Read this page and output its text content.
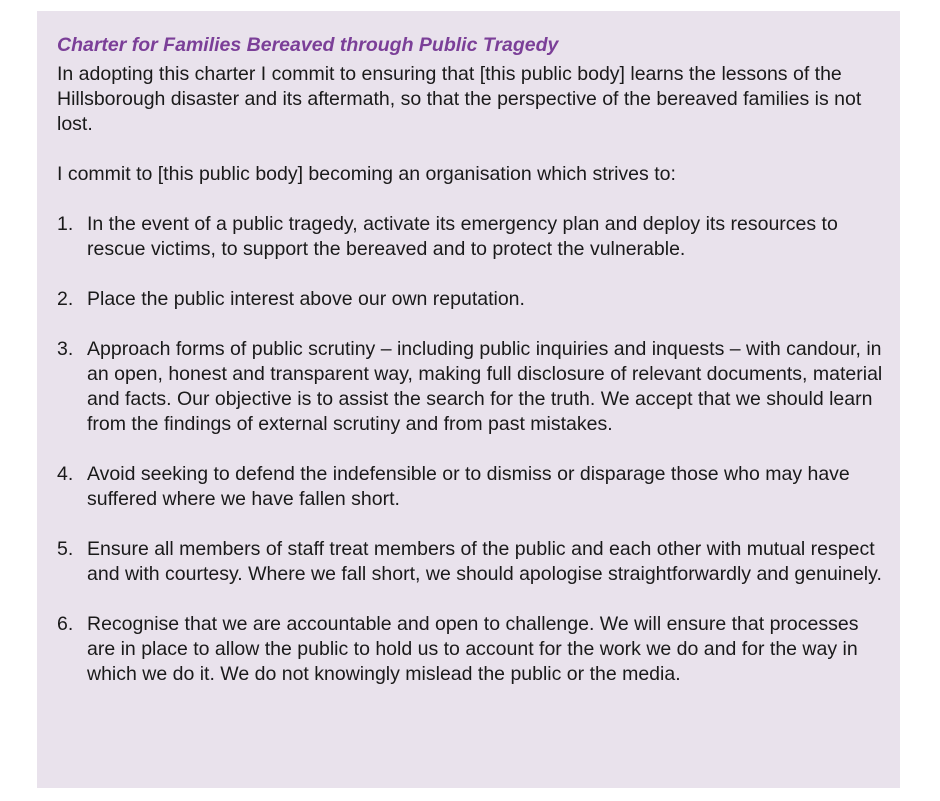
Charter for Families Bereaved through Public Tragedy

In adopting this charter I commit to ensuring that [this public body] learns the lessons of the Hillsborough disaster and its aftermath, so that the perspective of the bereaved families is not lost.

I commit to [this public body] becoming an organisation which strives to:

1. In the event of a public tragedy, activate its emergency plan and deploy its resources to rescue victims, to support the bereaved and to protect the vulnerable.
2. Place the public interest above our own reputation.
3. Approach forms of public scrutiny – including public inquiries and inquests – with candour, in an open, honest and transparent way, making full disclosure of relevant documents, material and facts. Our objective is to assist the search for the truth. We accept that we should learn from the findings of external scrutiny and from past mistakes.
4. Avoid seeking to defend the indefensible or to dismiss or disparage those who may have suffered where we have fallen short.
5. Ensure all members of staff treat members of the public and each other with mutual respect and with courtesy. Where we fall short, we should apologise straightforwardly and genuinely.
6. Recognise that we are accountable and open to challenge. We will ensure that processes are in place to allow the public to hold us to account for the work we do and for the way in which we do it. We do not knowingly mislead the public or the media.
